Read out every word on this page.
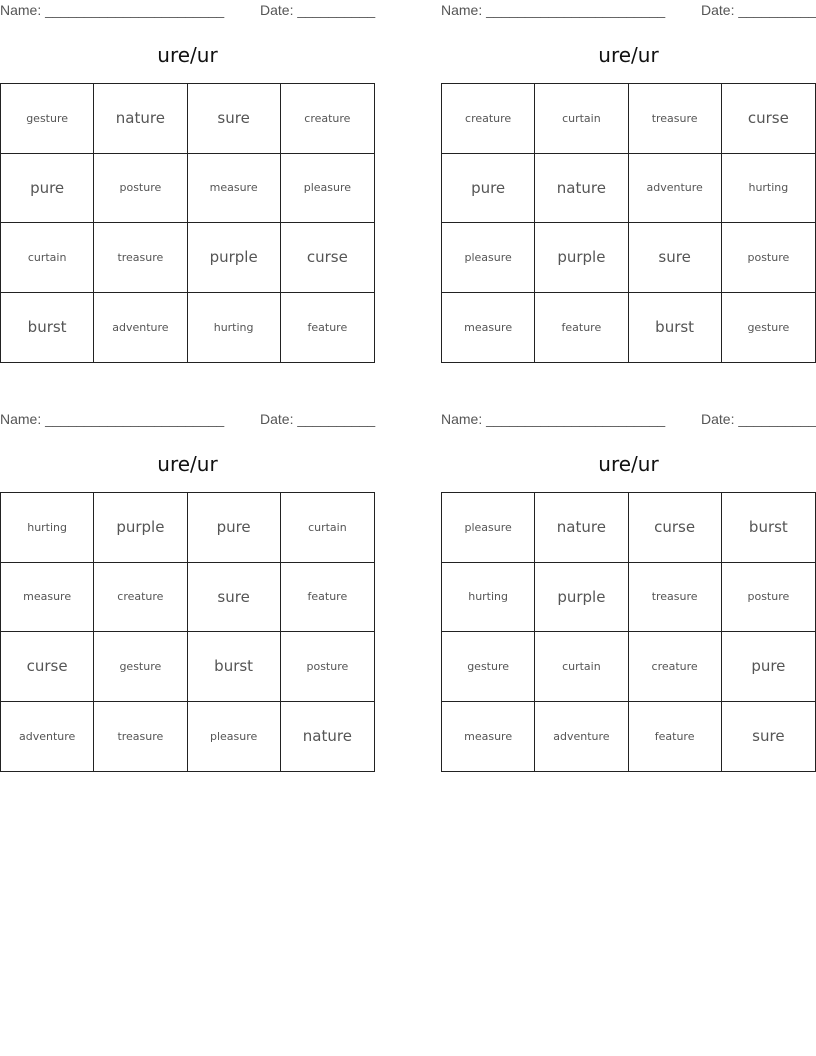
Name: _______________________	Date: __________
ure/ur
gesture	nature	sure	creature
pure	posture	measure	pleasure
curtain	treasure	purple	curse
burst	adventure	hurting	feature
Name: _______________________	Date: __________
ure/ur
creature	curtain	treasure	curse
pure	nature	adventure	hurting
pleasure	purple	sure	posture
measure	feature	burst	gesture
Name: _______________________	Date: __________
ure/ur
hurting	purple	pure	curtain
measure	creature	sure	feature
curse	gesture	burst	posture
adventure	treasure	pleasure	nature
Name: _______________________	Date: __________
ure/ur
pleasure	nature	curse	burst
hurting	purple	treasure	posture
gesture	curtain	creature	pure
measure	adventure	feature	sure
